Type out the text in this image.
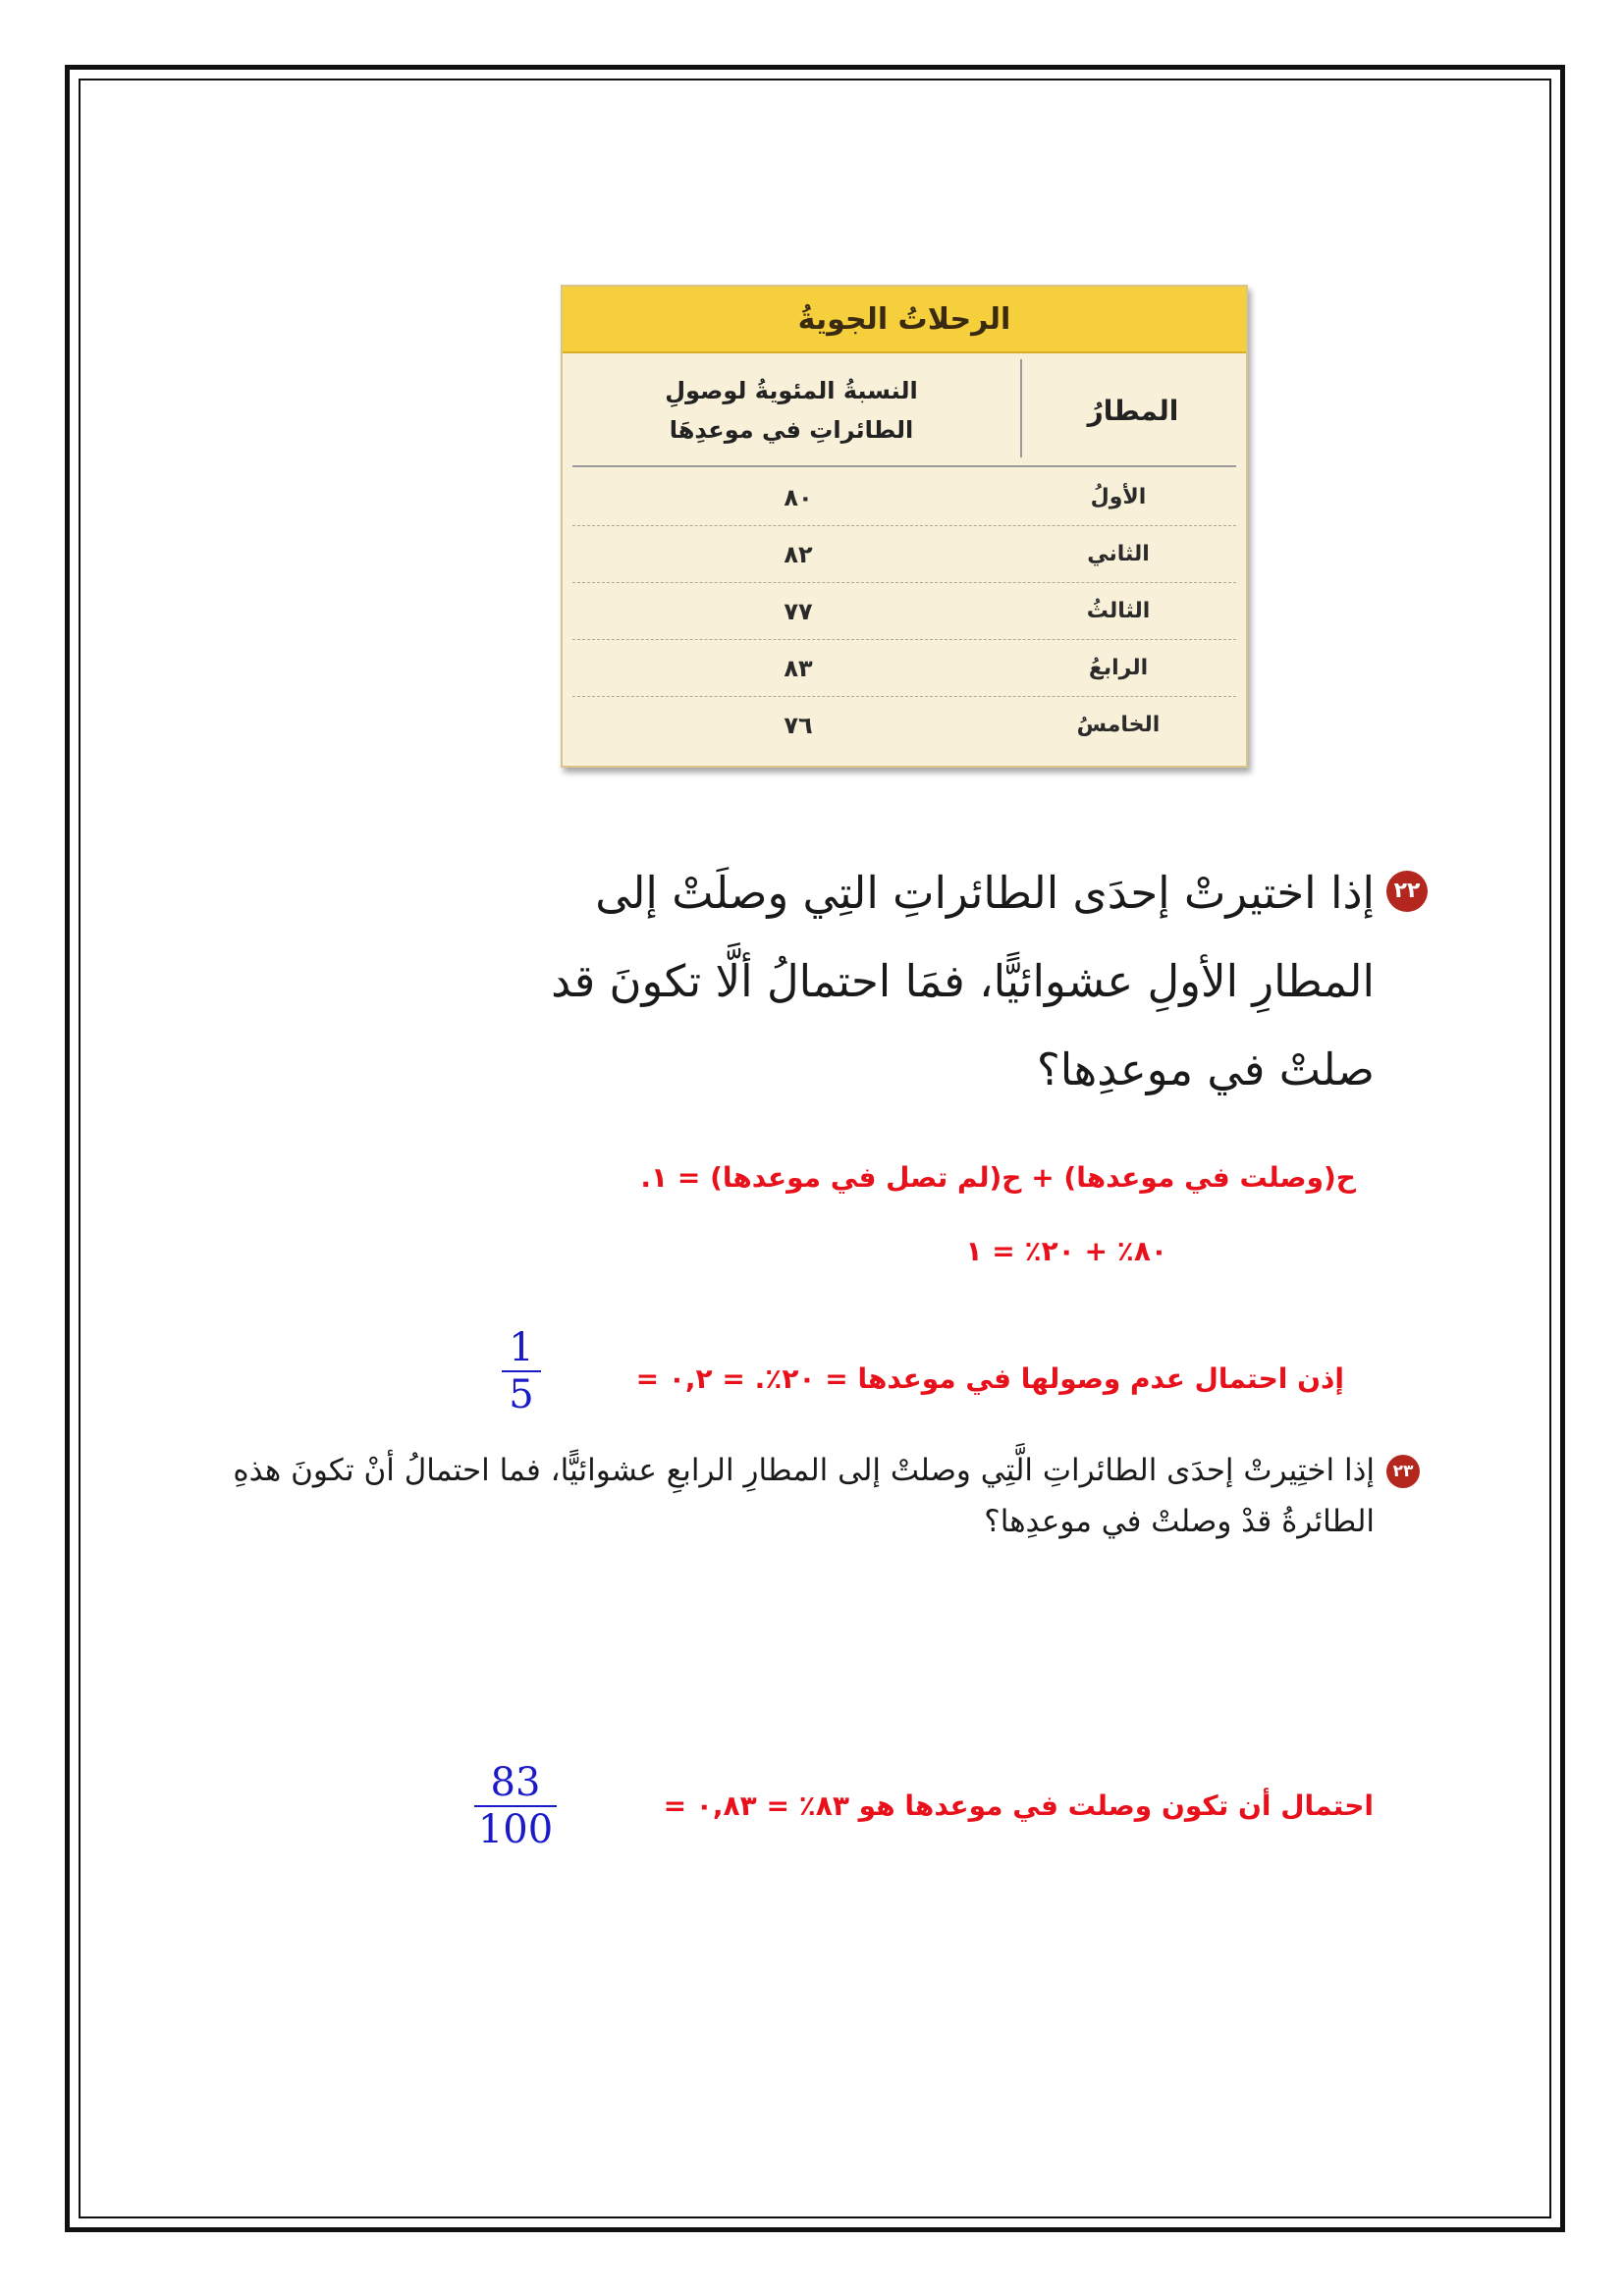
الرحلاتُ الجويةُ
المطارُ
النسبةُ المئويةُ لوصولِ
الطائراتِ في موعدِهَا
الأولُ
٨٠
الثاني
٨٢
الثالثُ
٧٧
الرابعُ
٨٣
الخامسُ
٧٦
٢٢
إذا اختيرتْ إحدَى الطائراتِ التِي وصلَتْ إلى المطارِ الأولِ عشوائيًّا، فمَا احتمالُ ألَّا تكونَ قد صلتْ في موعدِها؟
ح(وصلت في موعدها) + ح(لم تصل في موعدها) = ١.
٨٠٪ + ٢٠٪ = ١
إذن احتمال عدم وصولها في موعدها = ٢٠٪. = ٠,٢ =
1
5
٢٣
إذا اختِيرتْ إحدَى الطائراتِ الَّتِي وصلتْ إلى المطارِ الرابعِ عشوائيًّا، فما احتمالُ أنْ تكونَ هذهِ الطائرةُ قدْ وصلتْ في موعدِها؟
احتمال أن تكون وصلت في موعدها هو ٨٣٪ = ٠,٨٣ =
83
100
